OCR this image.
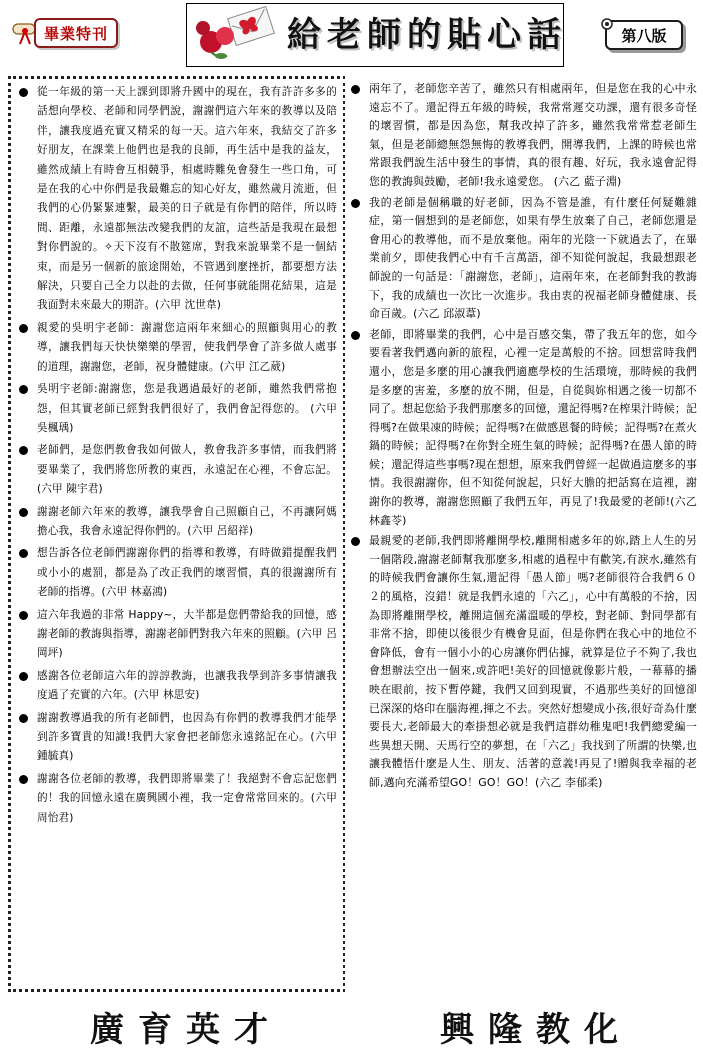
畢業特刊	給老師的貼心話	第八版
從一年級的第一天上課到即將升國中的現在，我有許許多多的話想向學校、老師和同學們說，謝謝們這六年來的教導以及陪伴，讓我度過充實又精采的每一天。這六年來，我結交了許多好朋友，在課業上他們也是我的良師，再生活中是我的益友，雖然成績上有時會互相競爭，相處時難免會發生一些口角，可是在我的心中你們是我最難忘的知心好友，雖然歲月流逝，但我們的心仍緊緊連繫，最美的日子就是有你們的陪伴，所以時間、距離，永遠都無法改變我們的友誼，這些話是我現在最想對你們說的。✧天下沒有不散筵席，對我來說畢業不是一個結束，而是另一個新的旅途開始，不管遇到麼挫折，都要想方法解決，只要自己全力以赴的去做，任何事就能開花結果，這是我面對未來最大的期許。(六甲 沈世韋)
親愛的吳明宇老師：謝謝您這兩年來細心的照顧與用心的教導，讓我們每天快快樂樂的學習，使我們學會了許多做人處事的道理，謝謝您，老師，祝身體健康。(六甲 江乙葳)
吳明宇老師:謝謝您，您是我遇過最好的老師，雖然我們常抱怨，但其實老師已經對我們很好了，我們會記得您的。 (六甲 吳楓瑀)
老師們，是您們教會我如何做人，教會我許多事情，而我們將要畢業了，我們將您所教的東西，永遠記在心裡，不會忘記。(六甲 陳宇君)
謝謝老師六年來的教導，讓我學會自己照顧自己，不再讓阿媽擔心我，我會永遠記得你們的。(六甲 呂紹祥)
想告訴各位老師們謝謝你們的指導和教導，有時做錯提醒我們或小小的處罰，都是為了改正我們的壞習慣，真的很謝謝所有老師的指導。(六甲 林嘉鴻)
這六年我過的非常 Happy~，大半都是您們帶給我的回憶，感謝老師的教誨與指導，謝謝老師們對我六年來的照顧。(六甲 呂岡坪)
感謝各位老師這六年的諄諄教誨，也讓我我學到許多事情讓我度過了充實的六年。(六甲 林思安)
謝謝教導過我的所有老師們，也因為有你們的教導我們才能學到許多寶貴的知識!我們大家會把老師您永遠銘記在心。(六甲 鍾毓真)
謝謝各位老師的教導，我們即將畢業了！我絕對不會忘記您們的！我的回憶永遠在廣興國小裡，我一定會常常回來的。(六甲 周怡君)
兩年了，老師您辛苦了，雖然只有相處兩年，但是您在我的心中永遠忘不了。還記得五年級的時候，我常常遲交功課，還有很多奇怪的壞習慣，都是因為您，幫我改掉了許多，雖然我常常惹老師生氣，但是老師總無怨無悔的教導我們，開導我們，上課的時候也常常跟我們說生活中發生的事情，真的很有趣、好玩，我永遠會記得您的教誨與鼓勵，老師!我永遠愛您。 (六乙 藍子淵)
我的老師是個稱職的好老師，因為不管是誰，有什麼任何疑難雜症，第一個想到的是老師您，如果有學生放棄了自己，老師您還是會用心的教導他，而不是放棄他。兩年的光陰一下就過去了，在畢業前夕，即使我們心中有千言萬語，卻不知從何說起，我最想跟老師說的一句話是：「謝謝您，老師」，這兩年來，在老師對我的教誨下，我的成績也一次比一次進步。我由衷的祝福老師身體健康、長命百歲。(六乙 邱淑葦)
老師，即將畢業的我們，心中是百感交集，帶了我五年的您，如今要看著我們邁向新的旅程，心裡一定是萬般的不捨。回想當時我們還小，您是多麼的用心讓我們適應學校的生活環境，那時候的我們是多麼的害羞，多麼的放不開，但是，自從與妳相遇之後一切都不同了。想起您給予我們那麼多的回憶，還記得嗎?在榨果汁時候；記得嗎?在做果凍的時候；記得嗎?在做感恩餐的時候；記得嗎?在煮火鍋的時候；記得嗎?在你對全班生氣的時候；記得嗎?在愚人節的時候；還記得這些事嗎?現在想想，原來我們曾經一起做過這麼多的事情。我很謝謝你，但不知從何說起，只好大膽的把話寫在這裡，謝謝你的教導，謝謝您照顧了我們五年，再見了!我最愛的老師!(六乙 林鑫苓)
最親愛的老師,我們即將離開學校,離開相處多年的妳,踏上人生的另一個階段,謝謝老師幫我那麼多,相處的過程中有歡笑,有淚水,雖然有的時候我們會讓你生氣,還記得「愚人節」嗎?老師很符合我們６０２的風格，沒錯！就是我們永遠的「六乙」，心中有萬般的不捨，因為即將離開學校，離開這個充滿溫暖的學校，對老師、對同學都有非常不捨，即使以後很少有機會見面，但是你們在我心中的地位不會降低，會有一個小小的心房讓你們佔據，就算是位子不夠了,我也會想辦法空出一個來,或許吧!美好的回憶就像影片般，一幕幕的播映在眼前，按下暫停鍵，我們又回到現實，不過那些美好的回憶卻已深深的烙印在腦海裡,揮之不去。突然好想變成小孩,很好奇為什麼要長大,老師最大的牽掛想必就是我們這群幼稚鬼吧!我們總愛編一些異想天開、天馬行空的夢想，在「六乙」我找到了所謂的快樂,也讓我體悟什麼是人生、朋友、活著的意義!再見了!贈與我幸福的老師,邁向充滿希望GO！GO！GO！(六乙 李郁柔)
廣育英才	興隆教化
